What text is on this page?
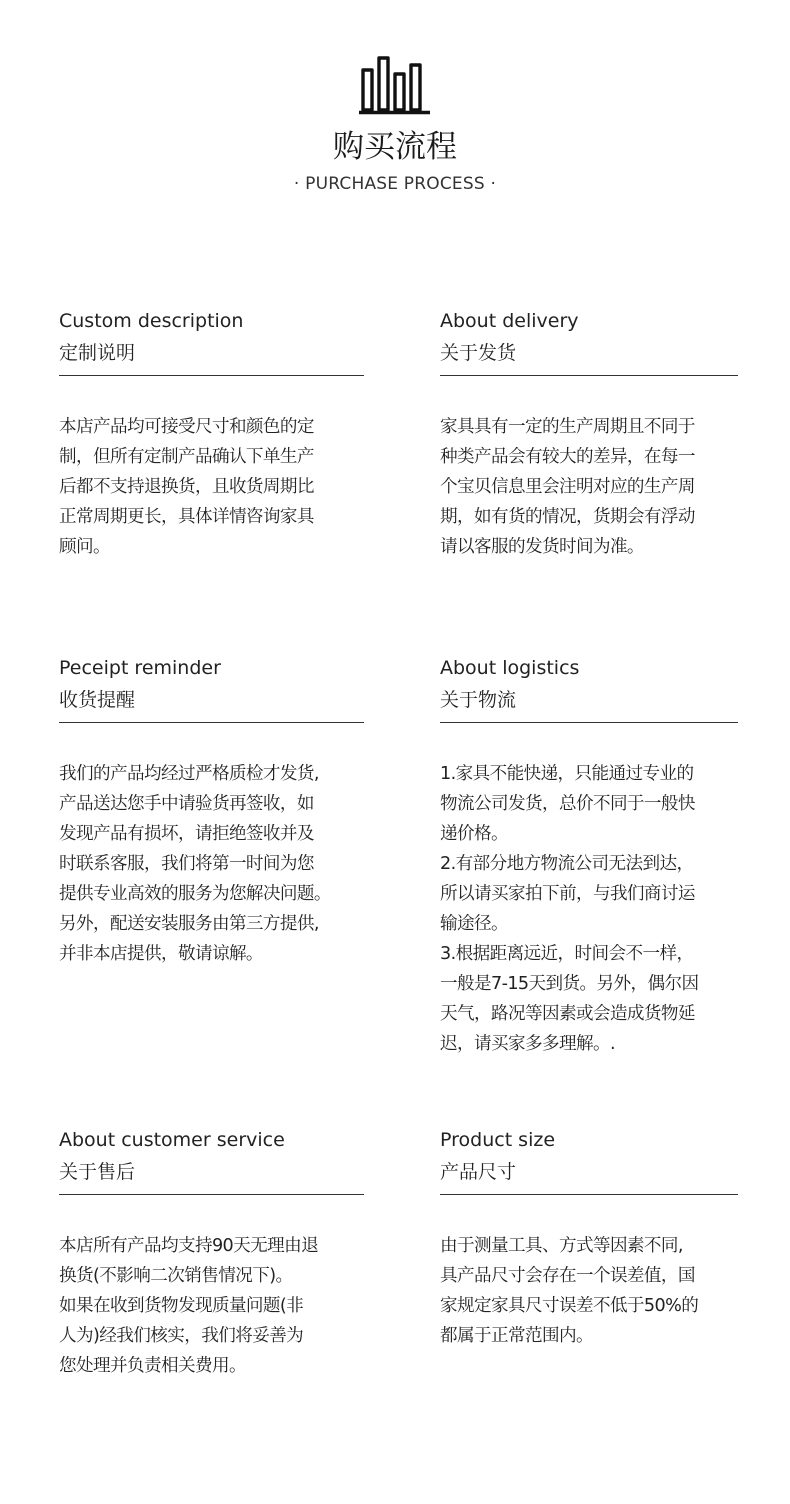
购买流程
· PURCHASE PROCESS ·
Custom description
定制说明
本店产品均可接受尺寸和颜色的定
制，但所有定制产品确认下单生产
后都不支持退换货，且收货周期比
正常周期更长，具体详情咨询家具
顾问。
About delivery
关于发货
家具具有一定的生产周期且不同于
种类产品会有较大的差异，在每一
个宝贝信息里会注明对应的生产周
期，如有货的情况，货期会有浮动
请以客服的发货时间为准。
Peceipt reminder
收货提醒
我们的产品均经过严格质检才发货,
产品送达您手中请验货再签收，如
发现产品有损坏，请拒绝签收并及
时联系客服，我们将第一时间为您
提供专业高效的服务为您解决问题。
另外，配送安装服务由第三方提供,
并非本店提供，敬请谅解。
About logistics
关于物流
1.家具不能快递，只能通过专业的
物流公司发货，总价不同于一般快
递价格。
2.有部分地方物流公司无法到达，
所以请买家拍下前，与我们商讨运
输途径。
3.根据距离远近，时间会不一样，
一般是7-15天到货。另外，偶尔因
天气，路况等因素或会造成货物延
迟，请买家多多理解。.
About customer service
关于售后
本店所有产品均支持90天无理由退
换货(不影响二次销售情况下)。
如果在收到货物发现质量问题(非
人为)经我们核实，我们将妥善为
您处理并负责相关费用。
Product size
产品尺寸
由于测量工具、方式等因素不同,
具产品尺寸会存在一个误差值，国
家规定家具尺寸误差不低于50%的
都属于正常范围内。
